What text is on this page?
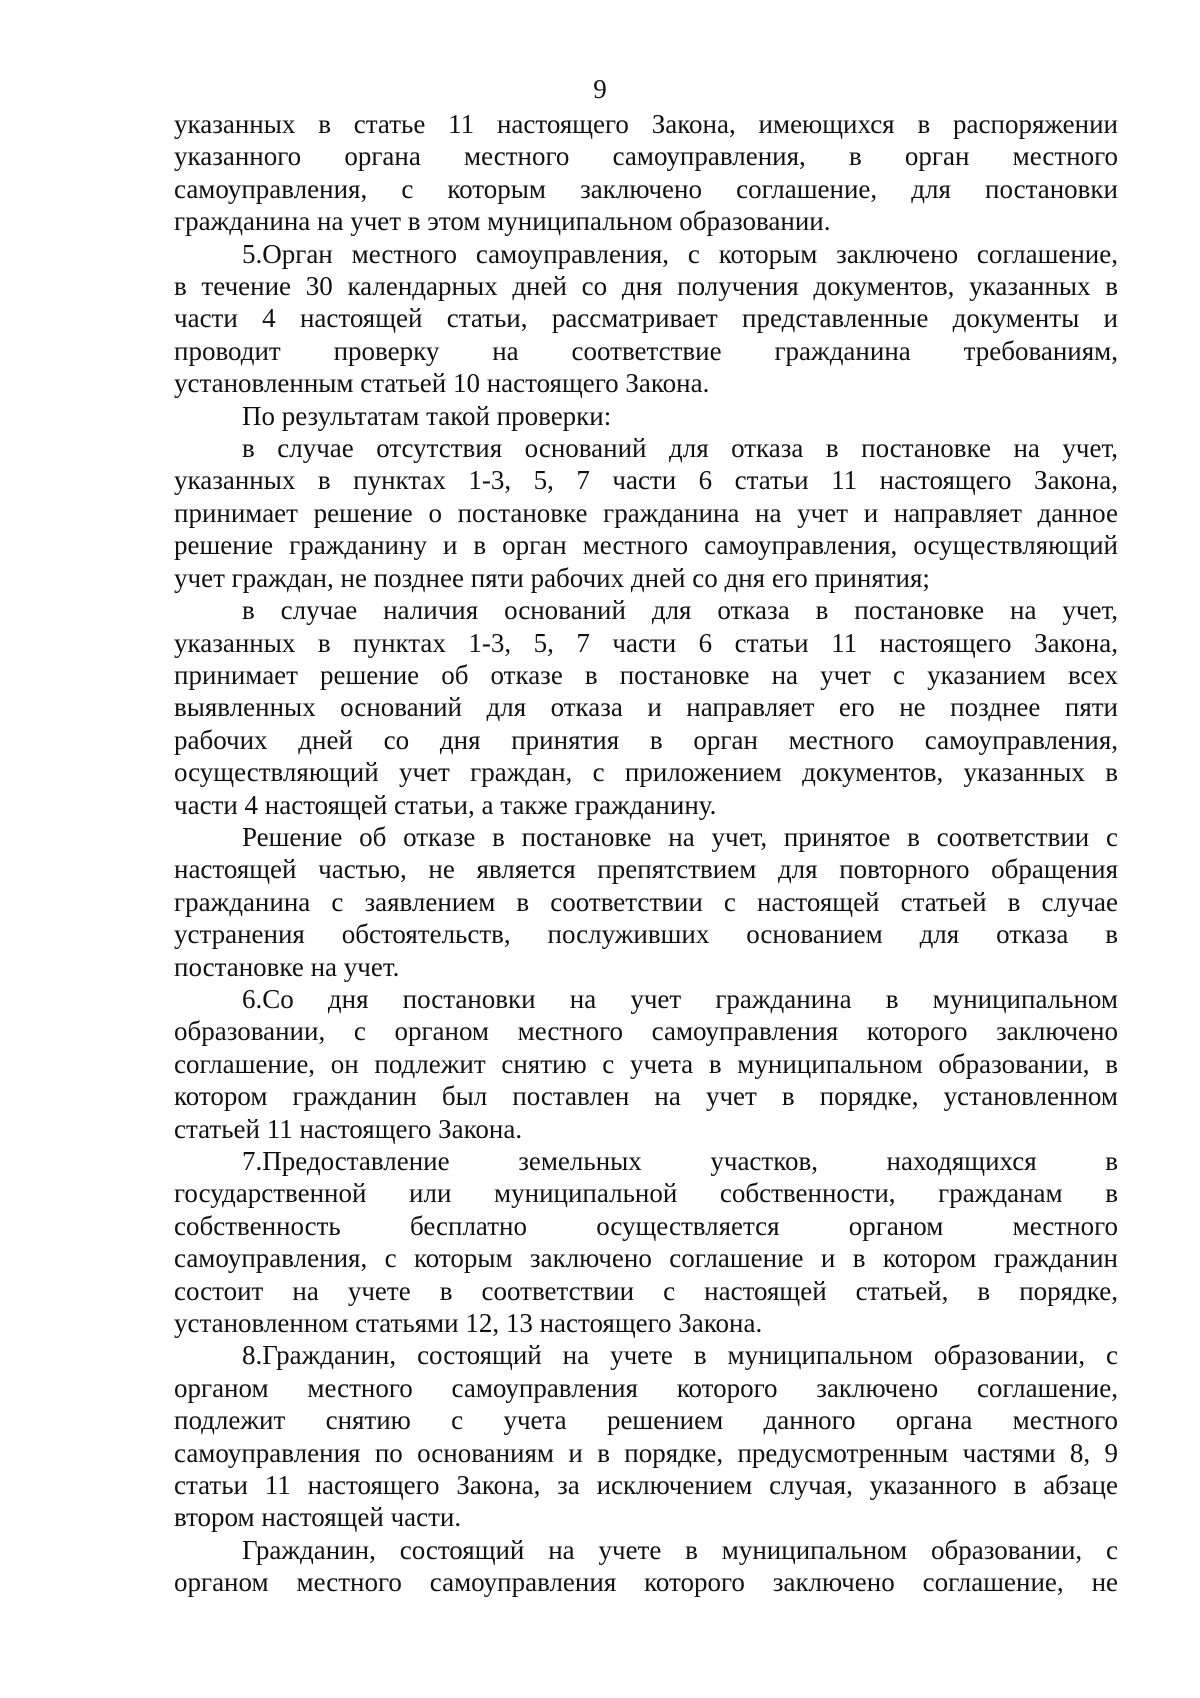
9
указанных в статье 11 настоящего Закона, имеющихся в распоряжении
указанного органа местного самоуправления, в орган местного
самоуправления, с которым заключено соглашение, для постановки
гражданина на учет в этом муниципальном образовании.
5.Орган местного самоуправления, с которым заключено соглашение,
в течение 30 календарных дней со дня получения документов, указанных в
части 4 настоящей статьи, рассматривает представленные документы и
проводит проверку на соответствие гражданина требованиям,
установленным статьей 10 настоящего Закона.
По результатам такой проверки:
в случае отсутствия оснований для отказа в постановке на учет,
указанных в пунктах 1-3, 5, 7 части 6 статьи 11 настоящего Закона,
принимает решение о постановке гражданина на учет и направляет данное
решение гражданину и в орган местного самоуправления, осуществляющий
учет граждан, не позднее пяти рабочих дней со дня его принятия;
в случае наличия оснований для отказа в постановке на учет,
указанных в пунктах 1-3, 5, 7 части 6 статьи 11 настоящего Закона,
принимает решение об отказе в постановке на учет с указанием всех
выявленных оснований для отказа и направляет его не позднее пяти
рабочих дней со дня принятия в орган местного самоуправления,
осуществляющий учет граждан, с приложением документов, указанных в
части 4 настоящей статьи, а также гражданину.
Решение об отказе в постановке на учет, принятое в соответствии с
настоящей частью, не является препятствием для повторного обращения
гражданина с заявлением в соответствии с настоящей статьей в случае
устранения обстоятельств, послуживших основанием для отказа в
постановке на учет.
6.Со дня постановки на учет гражданина в муниципальном
образовании, с органом местного самоуправления которого заключено
соглашение, он подлежит снятию с учета в муниципальном образовании, в
котором гражданин был поставлен на учет в порядке, установленном
статьей 11 настоящего Закона.
7.Предоставление земельных участков, находящихся в
государственной или муниципальной собственности, гражданам в
собственность бесплатно осуществляется органом местного
самоуправления, с которым заключено соглашение и в котором гражданин
состоит на учете в соответствии с настоящей статьей, в порядке,
установленном статьями 12, 13 настоящего Закона.
8.Гражданин, состоящий на учете в муниципальном образовании, с
органом местного самоуправления которого заключено соглашение,
подлежит снятию с учета решением данного органа местного
самоуправления по основаниям и в порядке, предусмотренным частями 8, 9
статьи 11 настоящего Закона, за исключением случая, указанного в абзаце
втором настоящей части.
Гражданин, состоящий на учете в муниципальном образовании, с
органом местного самоуправления которого заключено соглашение, не
